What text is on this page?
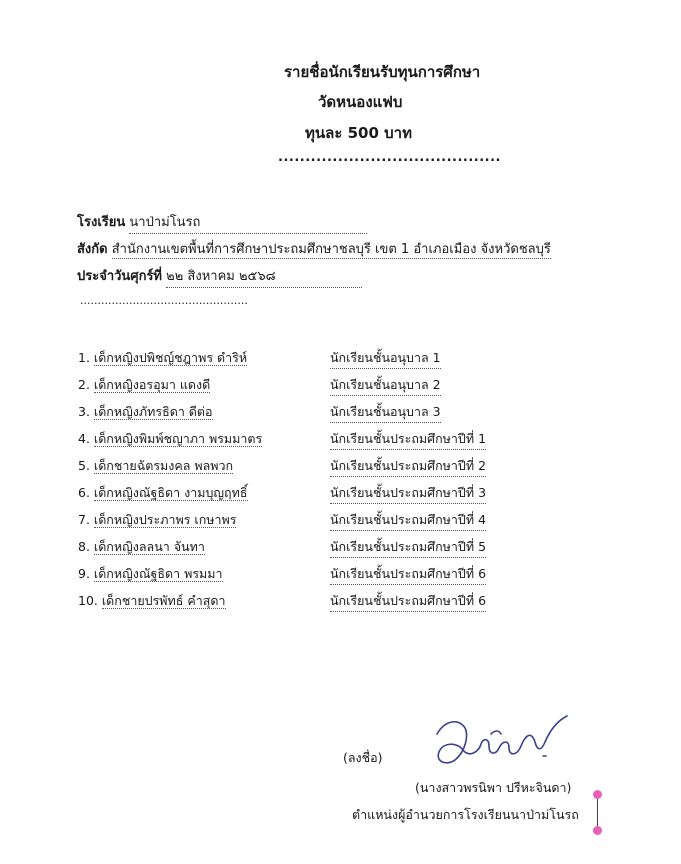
รายชื่อนักเรียนรับทุนการศึกษา
วัดหนองแฟบ
ทุนละ 500 บาท
.........................................
โรงเรียน นาป่าม่โนรถ
สังกัด สำนักงานเขตพื้นที่การศึกษาประถมศึกษาชลบุรี เขต 1 อำเภอเมือง จังหวัดชลบุรี
ประจำวันศุกร์ที่ ๒๒ สิงหาคม ๒๕๖๘
................................................
1. เด็กหญิงปพิชญ์ชฎาพร ดำริห์	นักเรียนชั้นอนุบาล 1
2. เด็กหญิงอรอุมา แดงดี	นักเรียนชั้นอนุบาล 2
3. เด็กหญิงภัทรธิดา ดีต่อ	นักเรียนชั้นอนุบาล 3
4. เด็กหญิงพิมพ์ชญาภา พรมมาตร	นักเรียนชั้นประถมศึกษาปีที่ 1
5. เด็กชายฉัตรมงคล พลพวก	นักเรียนชั้นประถมศึกษาปีที่ 2
6. เด็กหญิงณัฐธิดา งามบุญฤทธิ์	นักเรียนชั้นประถมศึกษาปีที่ 3
7. เด็กหญิงประภาพร เกษาพร	นักเรียนชั้นประถมศึกษาปีที่ 4
8. เด็กหญิงลลนา จันทา	นักเรียนชั้นประถมศึกษาปีที่ 5
9. เด็กหญิงณัฐธิดา พรมมา	นักเรียนชั้นประถมศึกษาปีที่ 6
10. เด็กชายปรพัทธ์ คำสุดา	นักเรียนชั้นประถมศึกษาปีที่ 6
(ลงชื่อ)
(นางสาวพรนิพา ปรีหะจินดา)
ตำแหน่งผู้อำนวยการโรงเรียนนาป่าม่โนรถ
